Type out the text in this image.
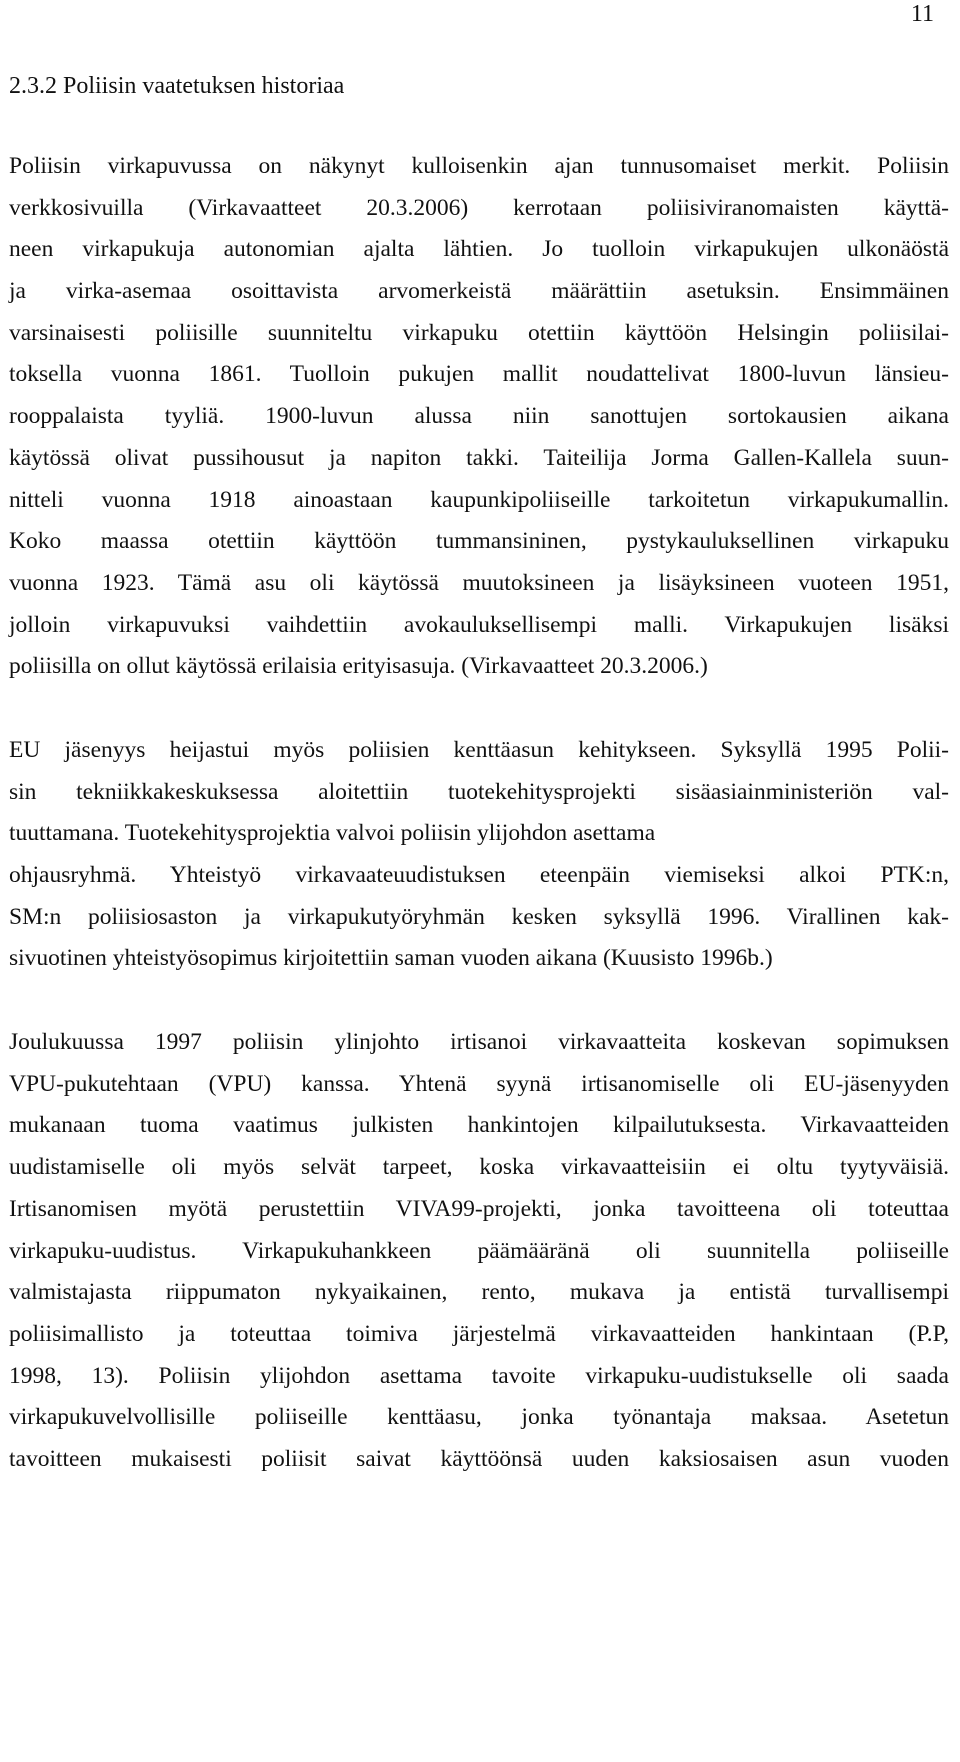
11
2.3.2 Poliisin vaatetuksen historiaa

Poliisin virkapuvussa on näkynyt kulloisenkin ajan tunnusomaiset merkit. Poliisin
verkkosivuilla (Virkavaatteet 20.3.2006) kerrotaan poliisiviranomaisten käyttä-
neen virkapukuja autonomian ajalta lähtien. Jo tuolloin virkapukujen ulkonäöstä
ja virka-asemaa osoittavista arvomerkeistä määrättiin asetuksin. Ensimmäinen
varsinaisesti poliisille suunniteltu virkapuku otettiin käyttöön Helsingin poliisilai-
toksella vuonna 1861. Tuolloin pukujen mallit noudattelivat 1800-luvun länsieu-
rooppalaista tyyliä. 1900-luvun alussa niin sanottujen sortokausien aikana
käytössä olivat pussihousut ja napiton takki. Taiteilija Jorma Gallen-Kallela suun-
nitteli vuonna 1918 ainoastaan kaupunkipoliiseille tarkoitetun virkapukumallin.
Koko maassa otettiin käyttöön tummansininen, pystykauluksellinen virkapuku
vuonna 1923. Tämä asu oli käytössä muutoksineen ja lisäyksineen vuoteen 1951,
jolloin virkapuvuksi vaihdettiin avokauluksellisempi malli. Virkapukujen lisäksi
poliisilla on ollut käytössä erilaisia erityisasuja. (Virkavaatteet 20.3.2006.)

EU jäsenyys heijastui myös poliisien kenttäasun kehitykseen. Syksyllä 1995 Polii-
sin tekniikkakeskuksessa aloitettiin tuotekehitysprojekti sisäasiainministeriön val-
tuuttamana. Tuotekehitysprojektia valvoi poliisin ylijohdon asettama
ohjausryhmä. Yhteistyö virkavaateuudistuksen eteenpäin viemiseksi alkoi PTK:n,
SM:n poliisiosaston ja virkapukutyöryhmän kesken syksyllä 1996. Virallinen kak-
sivuotinen yhteistyösopimus kirjoitettiin saman vuoden aikana (Kuusisto 1996b.)

Joulukuussa 1997 poliisin ylinjohto irtisanoi virkavaatteita koskevan sopimuksen
VPU-pukutehtaan (VPU) kanssa. Yhtenä syynä irtisanomiselle oli EU-jäsenyyden
mukanaan tuoma vaatimus julkisten hankintojen kilpailutuksesta. Virkavaatteiden
uudistamiselle oli myös selvät tarpeet, koska virkavaatteisiin ei oltu tyytyväisiä.
Irtisanomisen myötä perustettiin VIVA99-projekti, jonka tavoitteena oli toteuttaa
virkapuku-uudistus. Virkapukuhankkeen päämääränä oli suunnitella poliiseille
valmistajasta riippumaton nykyaikainen, rento, mukava ja entistä turvallisempi
poliisimallisto ja toteuttaa toimiva järjestelmä virkavaatteiden hankintaan (P.P,
1998, 13). Poliisin ylijohdon asettama tavoite virkapuku-uudistukselle oli saada
virkapukuvelvollisille poliiseille kenttäasu, jonka työnantaja maksaa. Asetetun
tavoitteen mukaisesti poliisit saivat käyttöönsä uuden kaksiosaisen asun vuoden
